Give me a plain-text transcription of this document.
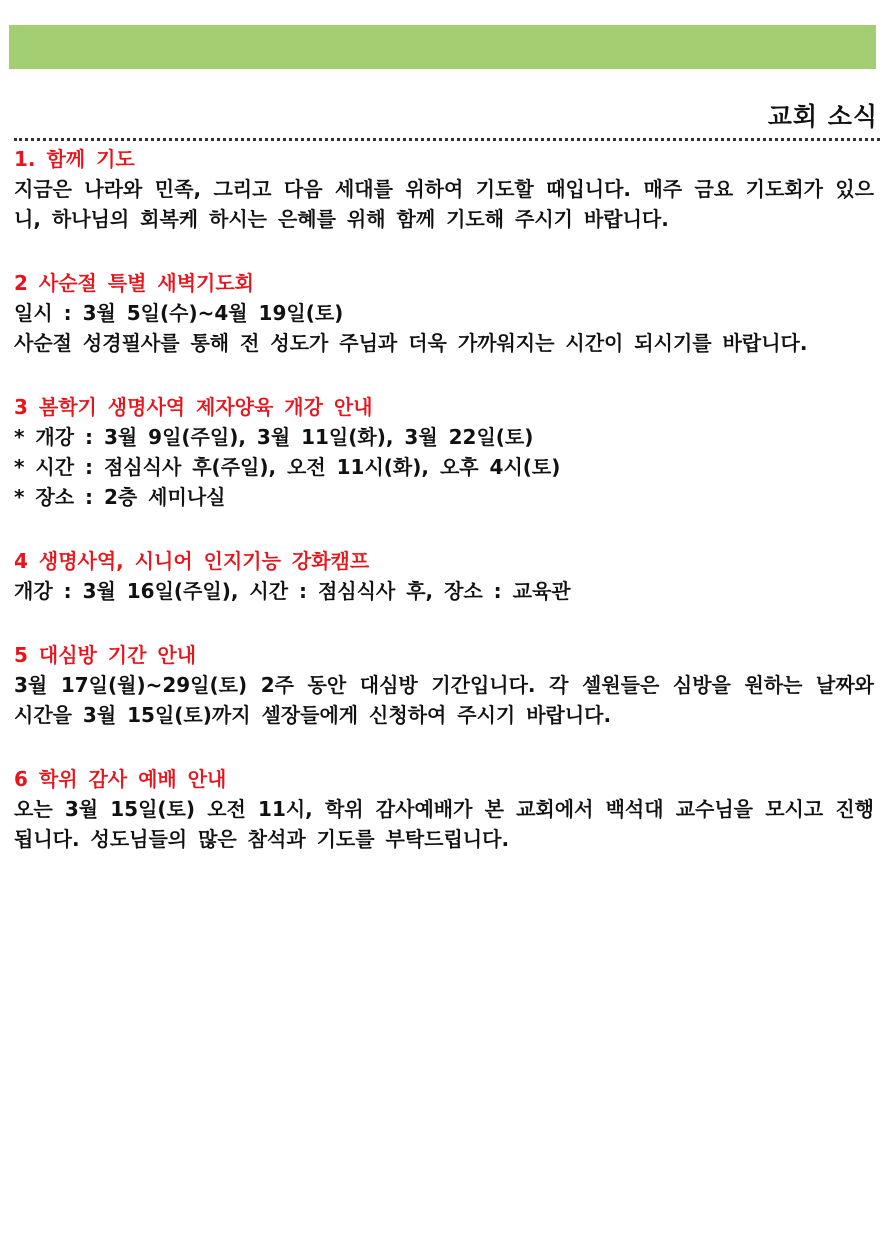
교회 소식
1. 함께 기도
지금은 나라와 민족, 그리고 다음 세대를 위하여 기도할 때입니다. 매주 금요 기도회가 있으니, 하나님의 회복케 하시는 은혜를 위해 함께 기도해 주시기 바랍니다.
2 사순절 특별 새벽기도회
일시 : 3월 5일(수)~4월 19일(토)
사순절 성경필사를 통해 전 성도가 주님과 더욱 가까워지는 시간이 되시기를 바랍니다.
3 봄학기 생명사역 제자양육 개강 안내
* 개강 : 3월 9일(주일), 3월 11일(화), 3월 22일(토)
* 시간 : 점심식사 후(주일), 오전 11시(화), 오후 4시(토)
* 장소 : 2층 세미나실
4 생명사역, 시니어 인지기능 강화캠프
개강 : 3월 16일(주일), 시간 : 점심식사 후, 장소 : 교육관
5 대심방 기간 안내
3월 17일(월)~29일(토) 2주 동안 대심방 기간입니다. 각 셀원들은 심방을 원하는 날짜와 시간을 3월 15일(토)까지 셀장들에게 신청하여 주시기 바랍니다.
6 학위 감사 예배 안내
오는 3월 15일(토) 오전 11시, 학위 감사예배가 본 교회에서 백석대 교수님을 모시고 진행됩니다. 성도님들의 많은 참석과 기도를 부탁드립니다.
